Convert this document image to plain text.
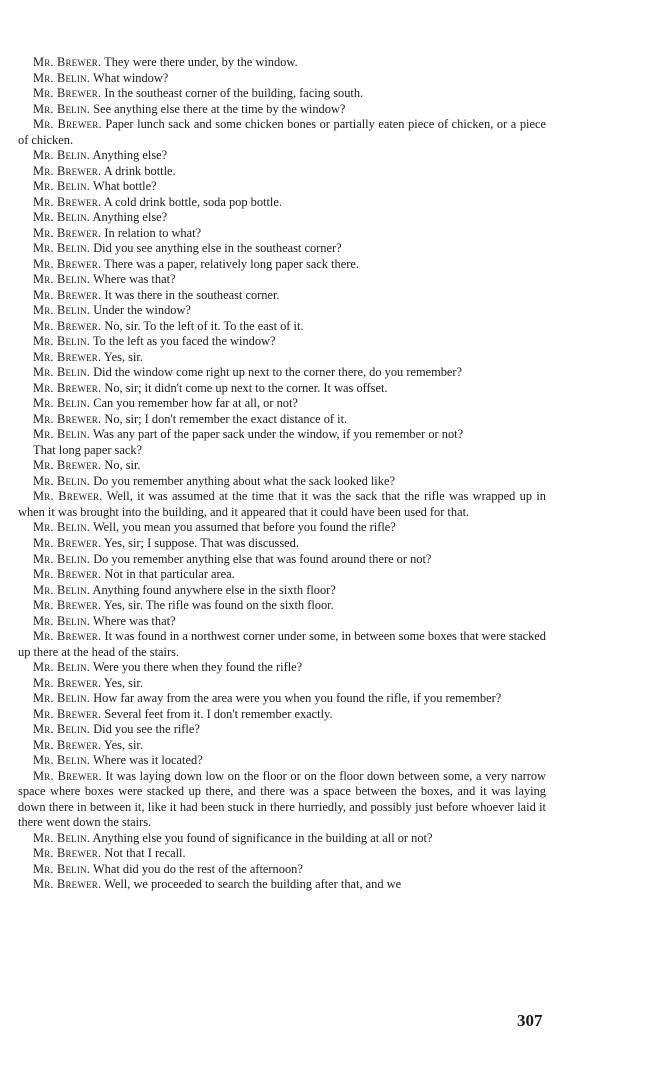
Mr. Brewer. They were there under, by the window.

Mr. Belin. What window?

Mr. Brewer. In the southeast corner of the building, facing south.

Mr. Belin. See anything else there at the time by the window?

Mr. Brewer. Paper lunch sack and some chicken bones or partially eaten piece of chicken, or a piece of chicken.

Mr. Belin. Anything else?

Mr. Brewer. A drink bottle.

Mr. Belin. What bottle?

Mr. Brewer. A cold drink bottle, soda pop bottle.

Mr. Belin. Anything else?

Mr. Brewer. In relation to what?

Mr. Belin. Did you see anything else in the southeast corner?

Mr. Brewer. There was a paper, relatively long paper sack there.

Mr. Belin. Where was that?

Mr. Brewer. It was there in the southeast corner.

Mr. Belin. Under the window?

Mr. Brewer. No, sir. To the left of it. To the east of it.

Mr. Belin. To the left as you faced the window?

Mr. Brewer. Yes, sir.

Mr. Belin. Did the window come right up next to the corner there, do you remember?

Mr. Brewer. No, sir; it didn't come up next to the corner. It was offset.

Mr. Belin. Can you remember how far at all, or not?

Mr. Brewer. No, sir; I don't remember the exact distance of it.

Mr. Belin. Was any part of the paper sack under the window, if you remember or not?

That long paper sack?

Mr. Brewer. No, sir.

Mr. Belin. Do you remember anything about what the sack looked like?

Mr. Brewer. Well, it was assumed at the time that it was the sack that the rifle was wrapped up in when it was brought into the building, and it appeared that it could have been used for that.

Mr. Belin. Well, you mean you assumed that before you found the rifle?

Mr. Brewer. Yes, sir; I suppose. That was discussed.

Mr. Belin. Do you remember anything else that was found around there or not?

Mr. Brewer. Not in that particular area.

Mr. Belin. Anything found anywhere else in the sixth floor?

Mr. Brewer. Yes, sir. The rifle was found on the sixth floor.

Mr. Belin. Where was that?

Mr. Brewer. It was found in a northwest corner under some, in between some boxes that were stacked up there at the head of the stairs.

Mr. Belin. Were you there when they found the rifle?

Mr. Brewer. Yes, sir.

Mr. Belin. How far away from the area were you when you found the rifle, if you remember?

Mr. Brewer. Several feet from it. I don't remember exactly.

Mr. Belin. Did you see the rifle?

Mr. Brewer. Yes, sir.

Mr. Belin. Where was it located?

Mr. Brewer. It was laying down low on the floor or on the floor down between some, a very narrow space where boxes were stacked up there, and there was a space between the boxes, and it was laying down there in between it, like it had been stuck in there hurriedly, and possibly just before whoever laid it there went down the stairs.

Mr. Belin. Anything else you found of significance in the building at all or not?

Mr. Brewer. Not that I recall.

Mr. Belin. What did you do the rest of the afternoon?

Mr. Brewer. Well, we proceeded to search the building after that, and we

307
